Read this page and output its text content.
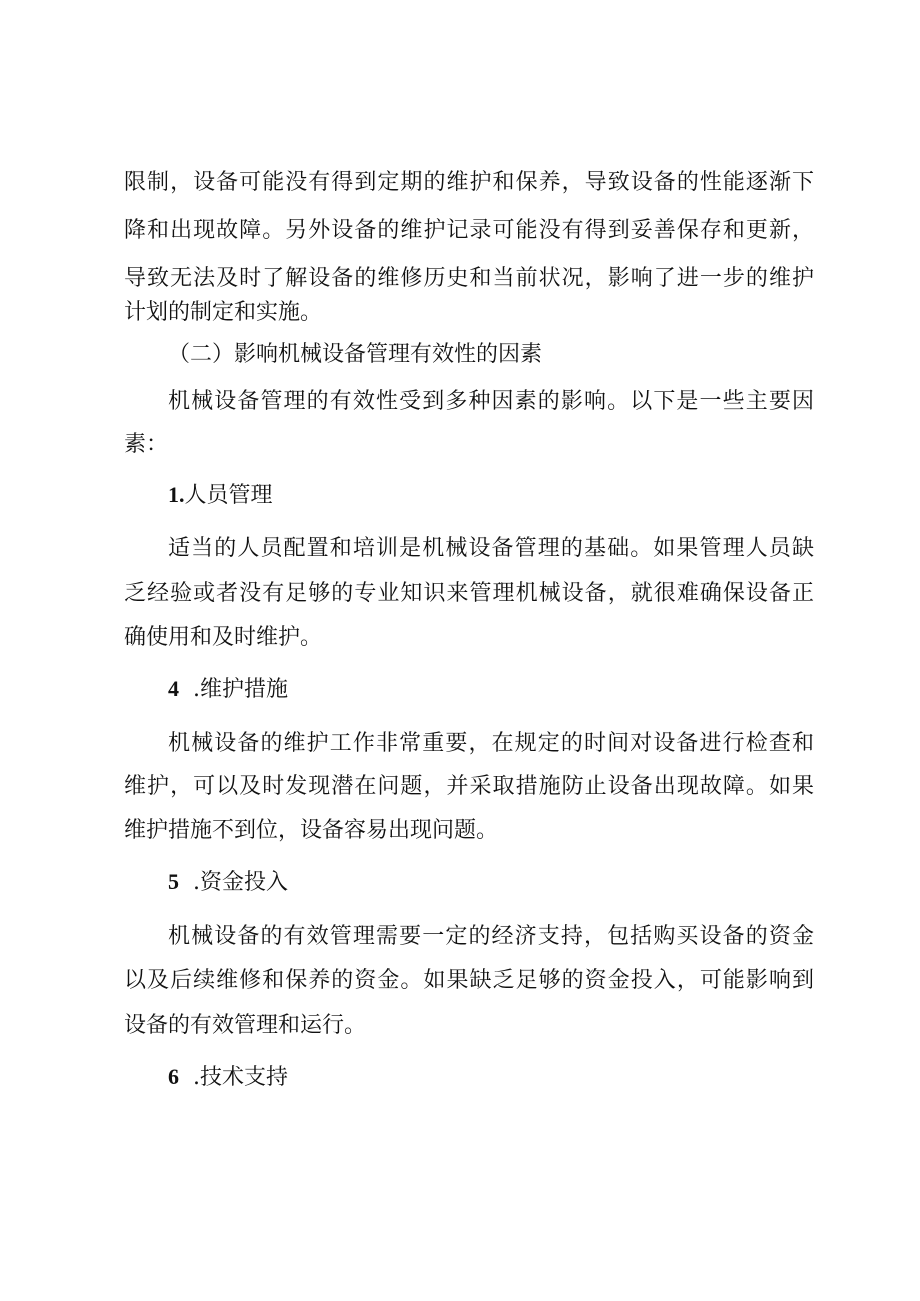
限制，设备可能没有得到定期的维护和保养，导致设备的性能逐渐下
降和出现故障。另外设备的维护记录可能没有得到妥善保存和更新，
导致无法及时了解设备的维修历史和当前状况，影响了进一步的维护
计划的制定和实施。
（二）影响机械设备管理有效性的因素
机械设备管理的有效性受到多种因素的影响。以下是一些主要因
素：
1.人员管理
适当的人员配置和培训是机械设备管理的基础。如果管理人员缺
乏经验或者没有足够的专业知识来管理机械设备，就很难确保设备正
确使用和及时维护。
4 .维护措施
机械设备的维护工作非常重要，在规定的时间对设备进行检查和
维护，可以及时发现潜在问题，并采取措施防止设备出现故障。如果
维护措施不到位，设备容易出现问题。
5 .资金投入
机械设备的有效管理需要一定的经济支持，包括购买设备的资金
以及后续维修和保养的资金。如果缺乏足够的资金投入，可能影响到
设备的有效管理和运行。
6 .技术支持
